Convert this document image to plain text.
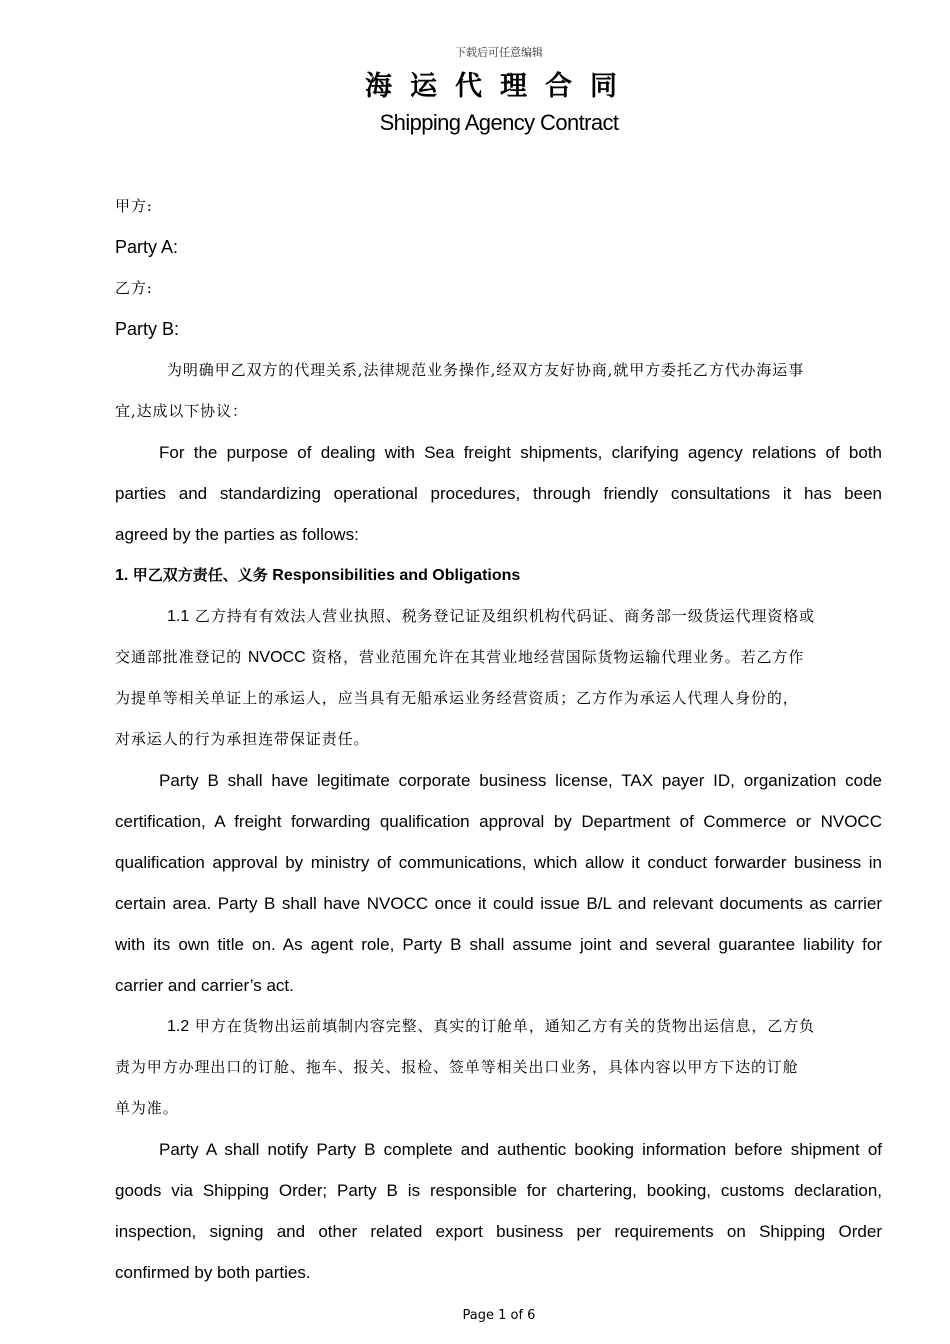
下载后可任意编辑
海运代理合同
Shipping Agency Contract
甲方:
Party A:
乙方:
Party B:
为明确甲乙双方的代理关系,法律规范业务操作,经双方友好协商,就甲方委托乙方代办海运事
宜,达成以下协议：
For the purpose of dealing with Sea freight shipments, clarifying agency relations of both
parties and standardizing operational procedures, through friendly consultations it has been
agreed by the parties as follows:
1. 甲乙双方责任、义务 Responsibilities and Obligations
1.1 乙方持有有效法人营业执照、税务登记证及组织机构代码证、商务部一级货运代理资格或
交通部批准登记的 NVOCC 资格，营业范围允许在其营业地经营国际货物运输代理业务。若乙方作
为提单等相关单证上的承运人，应当具有无船承运业务经营资质；乙方作为承运人代理人身份的，
对承运人的行为承担连带保证责任。
Party B shall have legitimate corporate business license, TAX payer ID, organization code
certification, A freight forwarding qualification approval by Department of Commerce or NVOCC
qualification approval by ministry of communications, which allow it conduct forwarder business in
certain area. Party B shall have NVOCC once it could issue B/L and relevant documents as carrier
with its own title on. As agent role, Party B shall assume joint and several guarantee liability for
carrier and carrier’s act.
1.2 甲方在货物出运前填制内容完整、真实的订舱单，通知乙方有关的货物出运信息，乙方负
责为甲方办理出口的订舱、拖车、报关、报检、签单等相关出口业务，具体内容以甲方下达的订舱
单为准。
Party A shall notify Party B complete and authentic booking information before shipment of
goods via Shipping Order; Party B is responsible for chartering, booking, customs declaration,
inspection, signing and other related export business per requirements on Shipping Order
confirmed by both parties.
Page 1 of 6
